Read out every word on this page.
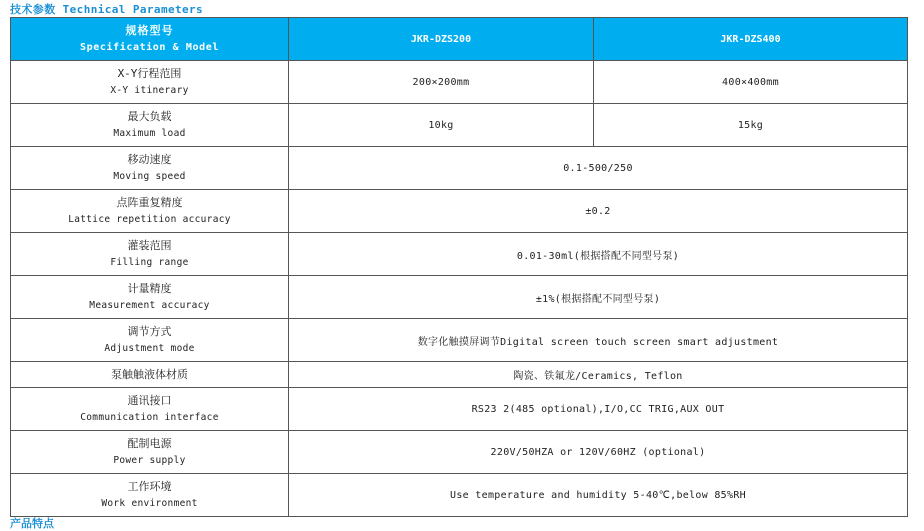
技术参数 Technical Parameters
规格型号
Specification & Model	JKR-DZS200	JKR-DZS400

X-Y行程范围
X-Y itinerary	200×200mm	400×400mm

最大负载
Maximum load	10kg	15kg

移动速度
Moving speed	0.1-500/250	

点阵重复精度
Lattice repetition accuracy	±0.2	

灌装范围
Filling range	0.01-30ml(根据搭配不同型号泵)	

计量精度
Measurement accuracy	±1%(根据搭配不同型号泵)	

调节方式
Adjustment mode	数字化触摸屏调节Digital screen touch screen smart adjustment	

泵触触液体材质	陶瓷、铁氟龙/Ceramics, Teflon	

通讯接口
Communication interface	RS23 2(485 optional),I/O,CC TRIG,AUX OUT	

配制电源
Power supply	220V/50HZA or 120V/60HZ (optional)	

工作环境
Work environment	Use temperature and humidity 5-40℃,below 85%RH	
产品特点
